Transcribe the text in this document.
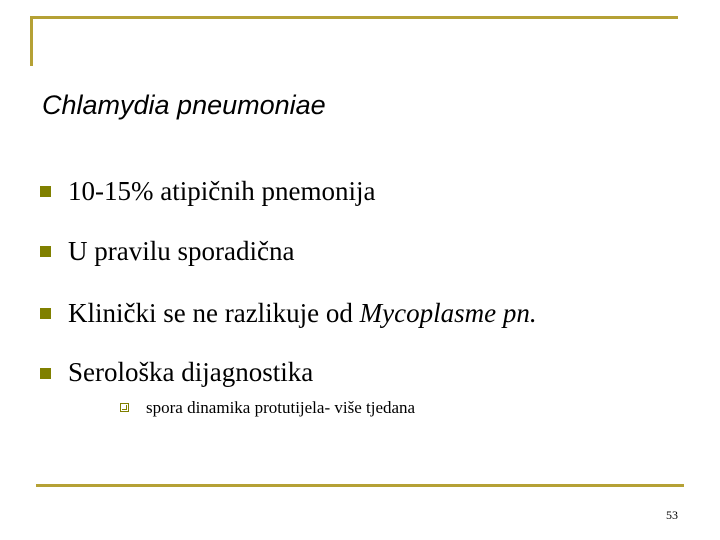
Chlamydia pneumoniae
10-15% atipičnih pnemonija
U pravilu sporadična
Klinički se ne razlikuje od Mycoplasme pn.
Serološka dijagnostika
spora dinamika protutijela- više tjedana
53
